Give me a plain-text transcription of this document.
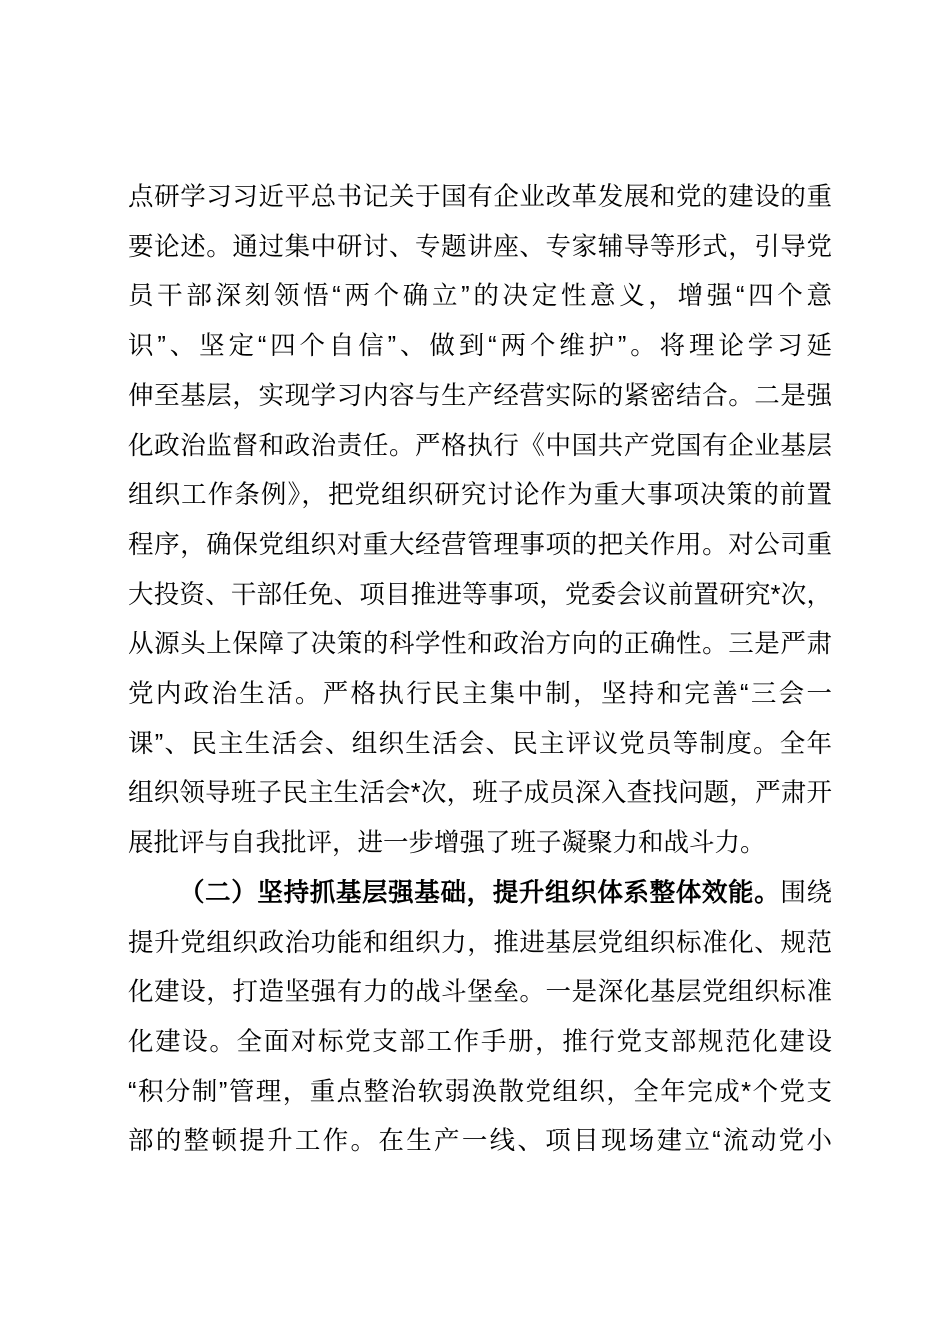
点研学习习近平总书记关于国有企业改革发展和党的建设的重
要论述。通过集中研讨、专题讲座、专家辅导等形式，引导党
员干部深刻领悟“两个确立”的决定性意义，增强“四个意
识”、坚定“四个自信”、做到“两个维护”。将理论学习延
伸至基层，实现学习内容与生产经营实际的紧密结合。二是强
化政治监督和政治责任。严格执行《中国共产党国有企业基层
组织工作条例》，把党组织研究讨论作为重大事项决策的前置
程序，确保党组织对重大经营管理事项的把关作用。对公司重
大投资、干部任免、项目推进等事项，党委会议前置研究*次，
从源头上保障了决策的科学性和政治方向的正确性。三是严肃
党内政治生活。严格执行民主集中制，坚持和完善“三会一
课”、民主生活会、组织生活会、民主评议党员等制度。全年
组织领导班子民主生活会*次，班子成员深入查找问题，严肃开
展批评与自我批评，进一步增强了班子凝聚力和战斗力。
（二）坚持抓基层强基础，提升组织体系整体效能。围绕
提升党组织政治功能和组织力，推进基层党组织标准化、规范
化建设，打造坚强有力的战斗堡垒。一是深化基层党组织标准
化建设。全面对标党支部工作手册，推行党支部规范化建设
“积分制”管理，重点整治软弱涣散党组织，全年完成*个党支
部的整顿提升工作。在生产一线、项目现场建立“流动党小
